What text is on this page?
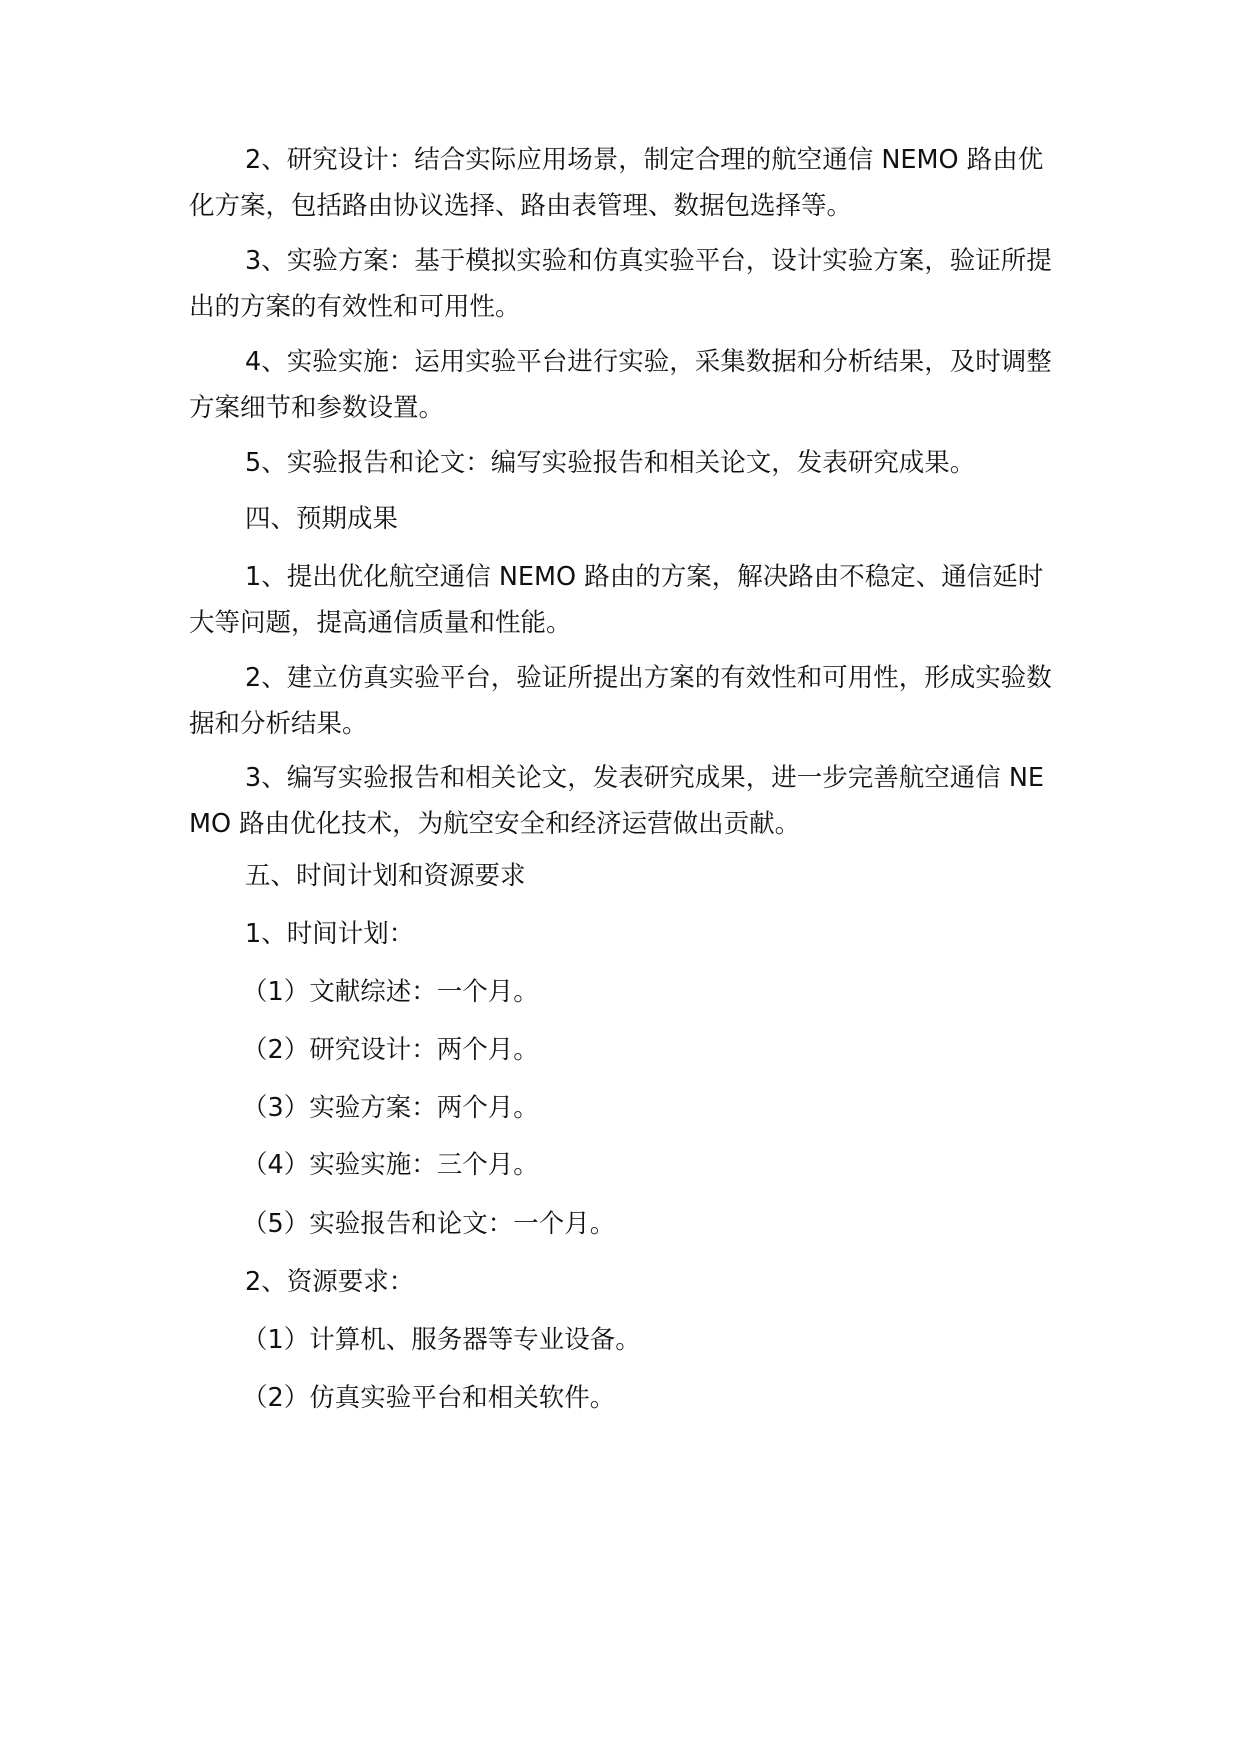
2、研究设计：结合实际应用场景，制定合理的航空通信 NEMO 路由优化方案，包括路由协议选择、路由表管理、数据包选择等。

3、实验方案：基于模拟实验和仿真实验平台，设计实验方案，验证所提出的方案的有效性和可用性。

4、实验实施：运用实验平台进行实验，采集数据和分析结果，及时调整方案细节和参数设置。

5、实验报告和论文：编写实验报告和相关论文，发表研究成果。

四、预期成果

1、提出优化航空通信 NEMO 路由的方案，解决路由不稳定、通信延时大等问题，提高通信质量和性能。

2、建立仿真实验平台，验证所提出方案的有效性和可用性，形成实验数据和分析结果。

3、编写实验报告和相关论文，发表研究成果，进一步完善航空通信 NEMO 路由优化技术，为航空安全和经济运营做出贡献。

五、时间计划和资源要求

1、时间计划：

（1）文献综述：一个月。

（2）研究设计：两个月。

（3）实验方案：两个月。

（4）实验实施：三个月。

（5）实验报告和论文：一个月。

2、资源要求：

（1）计算机、服务器等专业设备。

（2）仿真实验平台和相关软件。
